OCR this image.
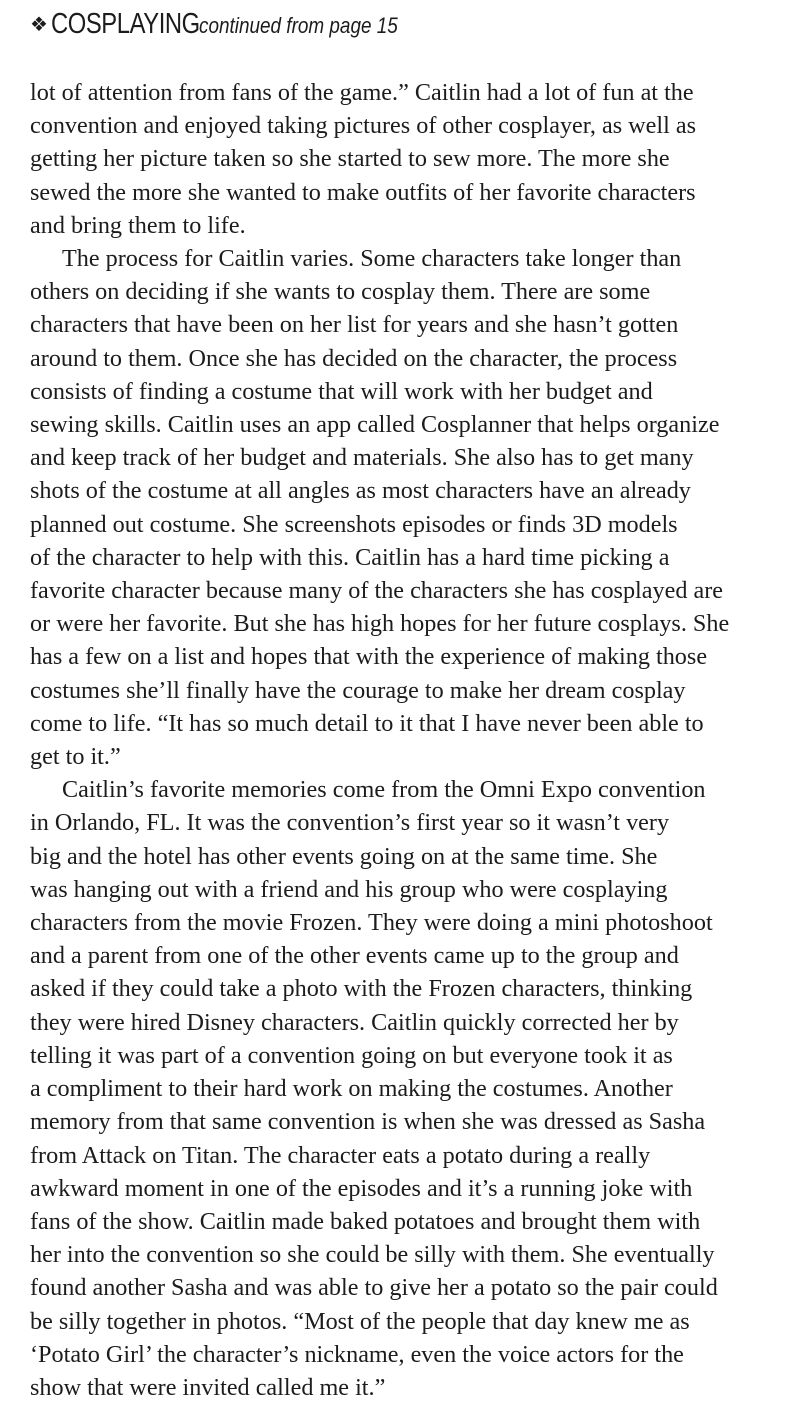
❖ COSPLAYING continued from page 15
lot of attention from fans of the game.” Caitlin had a lot of fun at the
convention and enjoyed taking pictures of other cosplayer, as well as
getting her picture taken so she started to sew more. The more she
sewed the more she wanted to make outfits of her favorite characters
and bring them to life.
The process for Caitlin varies. Some characters take longer than
others on deciding if she wants to cosplay them. There are some
characters that have been on her list for years and she hasn’t gotten
around to them. Once she has decided on the character, the process
consists of finding a costume that will work with her budget and
sewing skills. Caitlin uses an app called Cosplanner that helps organize
and keep track of her budget and materials. She also has to get many
shots of the costume at all angles as most characters have an already
planned out costume. She screenshots episodes or finds 3D models
of the character to help with this. Caitlin has a hard time picking a
favorite character because many of the characters she has cosplayed are
or were her favorite. But she has high hopes for her future cosplays. She
has a few on a list and hopes that with the experience of making those
costumes she’ll finally have the courage to make her dream cosplay
come to life. “It has so much detail to it that I have never been able to
get to it.”
Caitlin’s favorite memories come from the Omni Expo convention
in Orlando, FL. It was the convention’s first year so it wasn’t very
big and the hotel has other events going on at the same time. She
was hanging out with a friend and his group who were cosplaying
characters from the movie Frozen. They were doing a mini photoshoot
and a parent from one of the other events came up to the group and
asked if they could take a photo with the Frozen characters, thinking
they were hired Disney characters. Caitlin quickly corrected her by
telling it was part of a convention going on but everyone took it as
a compliment to their hard work on making the costumes. Another
memory from that same convention is when she was dressed as Sasha
from Attack on Titan. The character eats a potato during a really
awkward moment in one of the episodes and it’s a running joke with
fans of the show. Caitlin made baked potatoes and brought them with
her into the convention so she could be silly with them. She eventually
found another Sasha and was able to give her a potato so the pair could
be silly together in photos. “Most of the people that day knew me as
‘Potato Girl’ the character’s nickname, even the voice actors for the
show that were invited called me it.”
